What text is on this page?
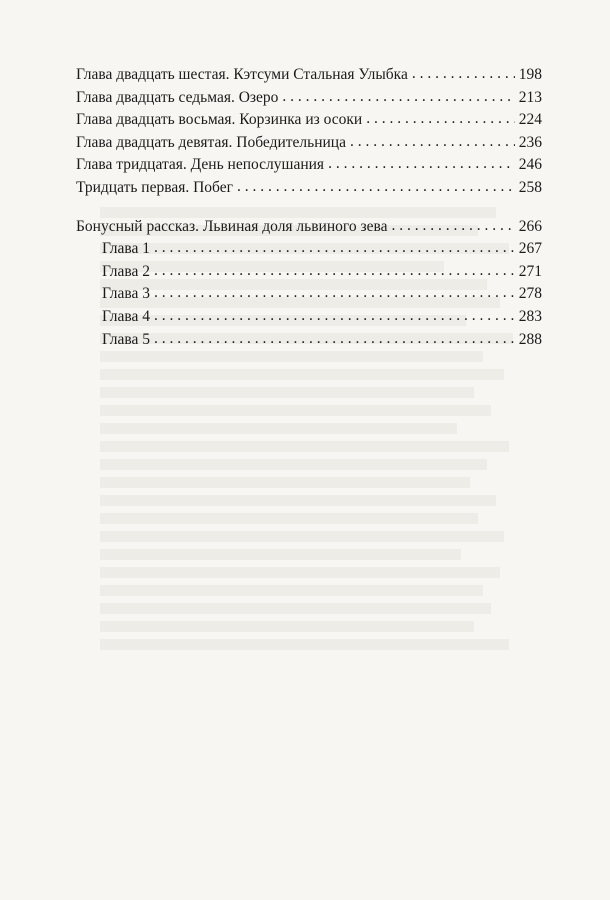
Глава двадцать шестая. Кэтсуми Стальная Улыбка . . .	198
Глава двадцать седьмая. Озеро . . .	213
Глава двадцать восьмая. Корзинка из осоки . . .	224
Глава двадцать девятая. Победительница . . .	236
Глава тридцатая. День непослушания . . .	246
Тридцать первая. Побег . . .	258
Бонусный рассказ. Львиная доля львиного зева . . .	266
Глава 1 . . .	267
Глава 2 . . .	271
Глава 3 . . .	278
Глава 4 . . .	283
Глава 5 . . .	288
